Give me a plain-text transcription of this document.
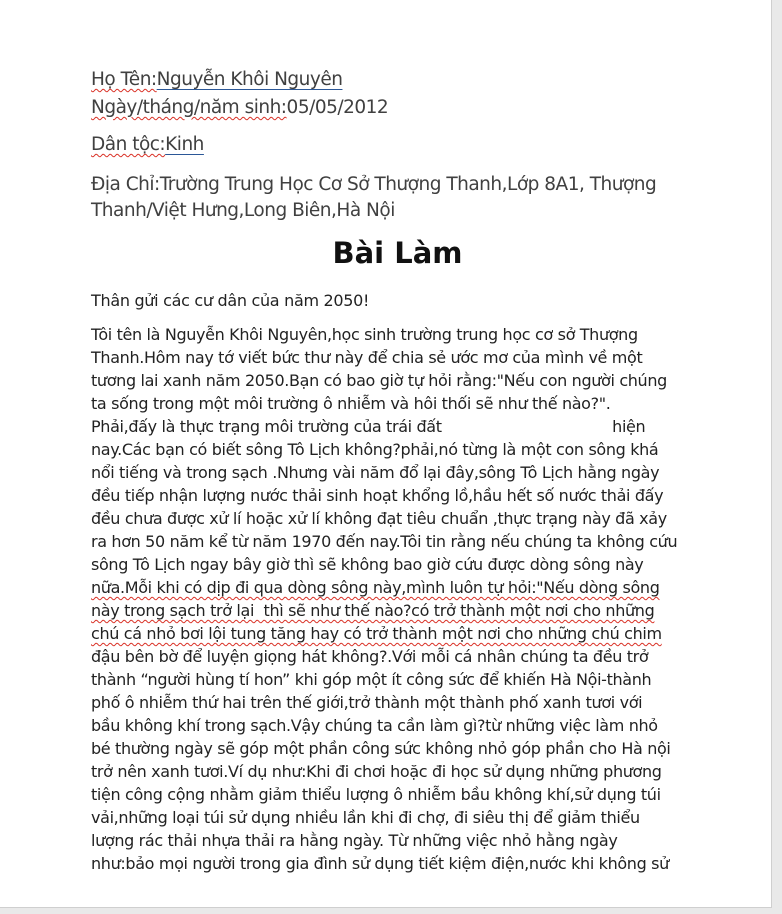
Họ Tên:Nguyễn Khôi Nguyên
Ngày/tháng/năm sinh:05/05/2012
Dân tộc:Kinh
Địa Chỉ:Trường Trung Học Cơ Sở Thượng Thanh,Lớp 8A1, Thượng Thanh/Việt Hưng,Long Biên,Hà Nội
Bài Làm
Thân gửi các cư dân của năm 2050!
Tôi tên là Nguyễn Khôi Nguyên,học sinh trường trung học cơ sở Thượng
Thanh.Hôm nay tớ viết bức thư này để chia sẻ ước mơ của mình về một
tương lai xanh năm 2050.Bạn có bao giờ tự hỏi rằng:"Nếu con người chúng
ta sống trong một môi trường ô nhiễm và hôi thối sẽ như thế nào?".
Phải,đấy là thực trạng môi trường của trái đất                                    hiện
nay.Các bạn có biết sông Tô Lịch không?phải,nó từng là một con sông khá
nổi tiếng và trong sạch .Nhưng vài năm đổ lại đây,sông Tô Lịch hằng ngày
đều tiếp nhận lượng nước thải sinh hoạt khổng lồ,hầu hết số nước thải đấy
đều chưa được xử lí hoặc xử lí không đạt tiêu chuẩn ,thực trạng này đã xảy
ra hơn 50 năm kể từ năm 1970 đến nay.Tôi tin rằng nếu chúng ta không cứu
sông Tô Lịch ngay bây giờ thì sẽ không bao giờ cứu được dòng sông này
nữa.Mỗi khi có dịp đi qua dòng sông này,mình luôn tự hỏi:"Nếu dòng sông
này trong sạch trở lại  thì sẽ như thế nào?có trở thành một nơi cho những
chú cá nhỏ bơi lội tung tăng hay có trở thành một nơi cho những chú chim
đậu bên bờ để luyện giọng hát không?.Với mỗi cá nhân chúng ta đều trở
thành “người hùng tí hon” khi góp một ít công sức để khiến Hà Nội-thành
phố ô nhiễm thứ hai trên thế giới,trở thành một thành phố xanh tươi với
bầu không khí trong sạch.Vậy chúng ta cần làm gì?từ những việc làm nhỏ
bé thường ngày sẽ góp một phần công sức không nhỏ góp phần cho Hà nội
trở nên xanh tươi.Ví dụ như:Khi đi chơi hoặc đi học sử dụng những phương
tiện công cộng nhằm giảm thiểu lượng ô nhiễm bầu không khí,sử dụng túi
vải,những loại túi sử dụng nhiều lần khi đi chợ, đi siêu thị để giảm thiểu
lượng rác thải nhựa thải ra hằng ngày. Từ những việc nhỏ hằng ngày
như:bảo mọi người trong gia đình sử dụng tiết kiệm điện,nước khi không sử
